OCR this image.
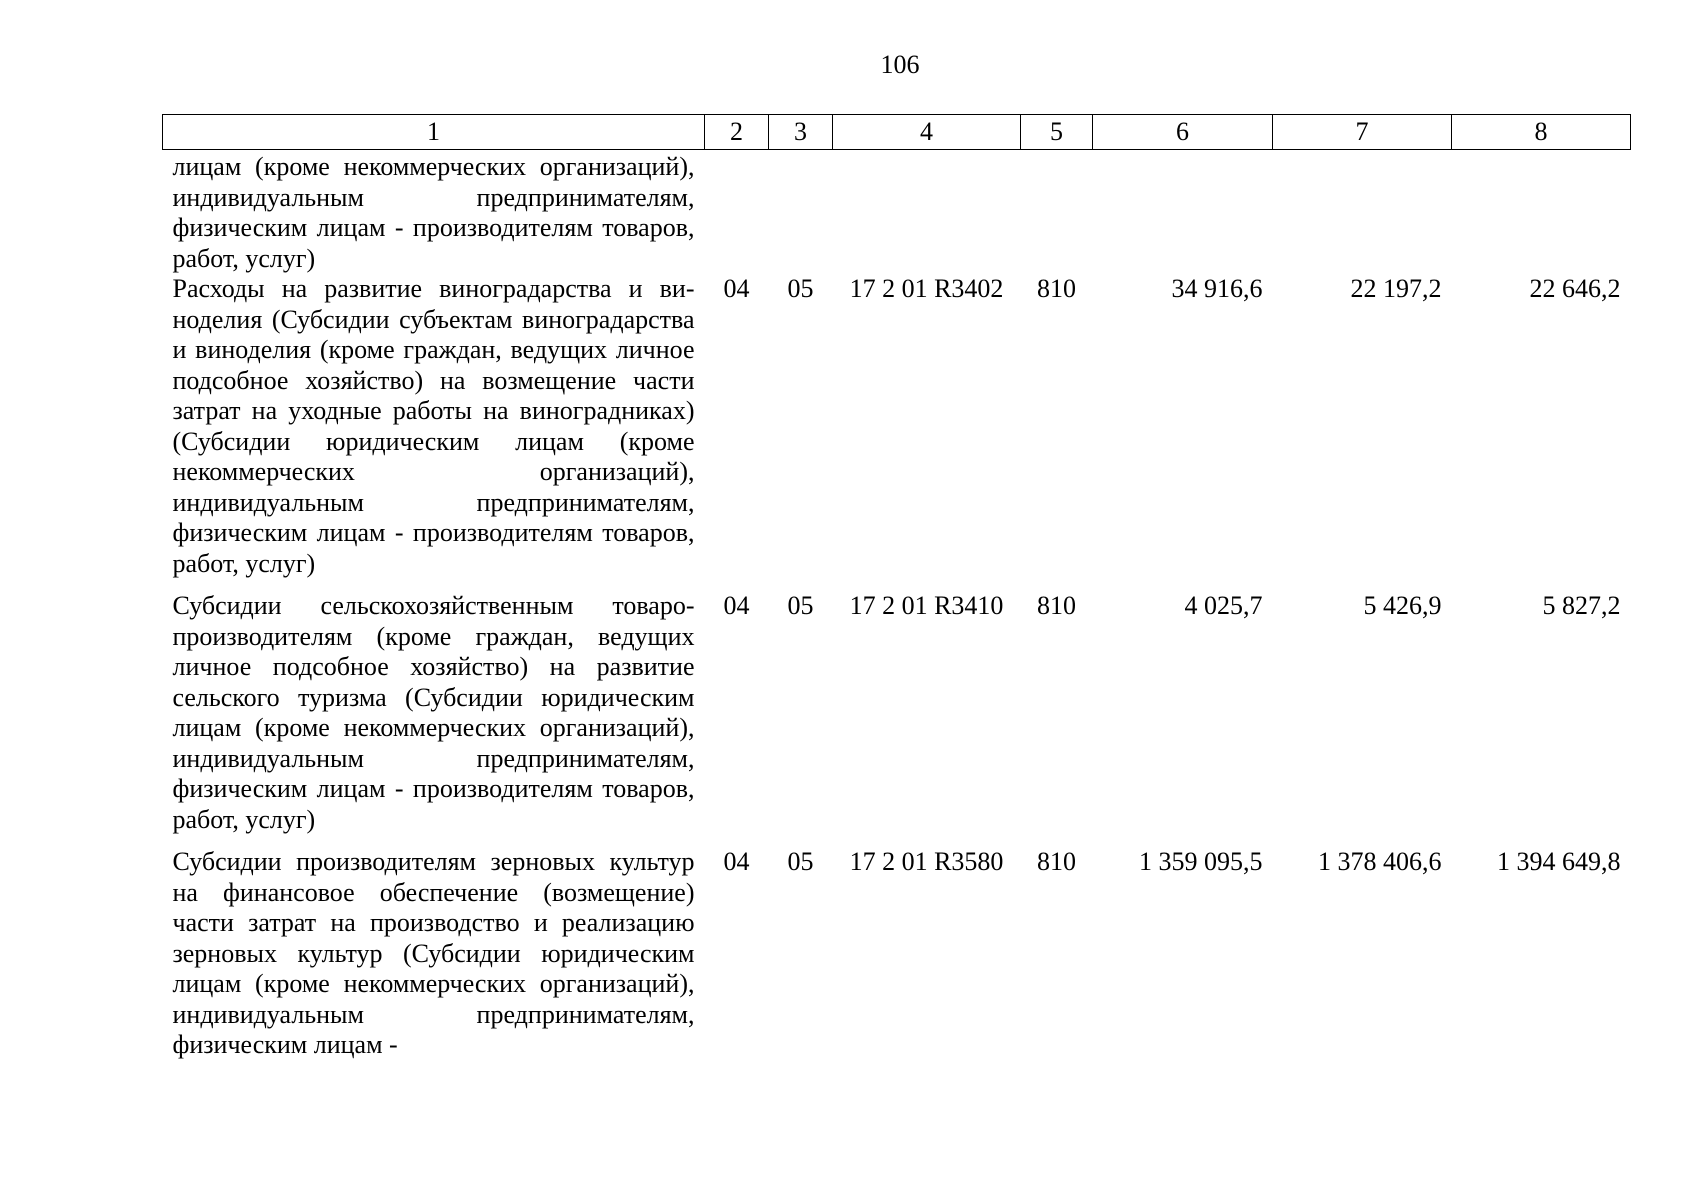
106
1	2	3	4	5	6	7	8
лицам (кроме некоммерческих организаций), индивидуальным предпринимателям, физическим лицам - производителям товаров, работ, услуг)							
Расходы на развитие виноградарства и виноделия (Субсидии субъектам виноградарства и виноделия (кроме граждан, ведущих личное подсобное хозяйство) на возмещение части затрат на уходные работы на виноградниках) (Субсидии юридическим лицам (кроме некоммерческих организаций), индивидуальным предпринимателям, физическим лицам - производителям товаров, работ, услуг)	04	05	17 2 01 R3402	810	34 916,6	22 197,2	22 646,2
Субсидии сельскохозяйственным товаропроизводителям (кроме граждан, ведущих личное подсобное хозяйство) на развитие сельского туризма (Субсидии юридическим лицам (кроме некоммерческих организаций), индивидуальным предпринимателям, физическим лицам - производителям товаров, работ, услуг)	04	05	17 2 01 R3410	810	4 025,7	5 426,9	5 827,2
Субсидии производителям зерновых культур на финансовое обеспечение (возмещение) части затрат на производство и реализацию зерновых культур (Субсидии юридическим лицам (кроме некоммерческих организаций), индивидуальным предпринимателям, физическим лицам -	04	05	17 2 01 R3580	810	1 359 095,5	1 378 406,6	1 394 649,8
